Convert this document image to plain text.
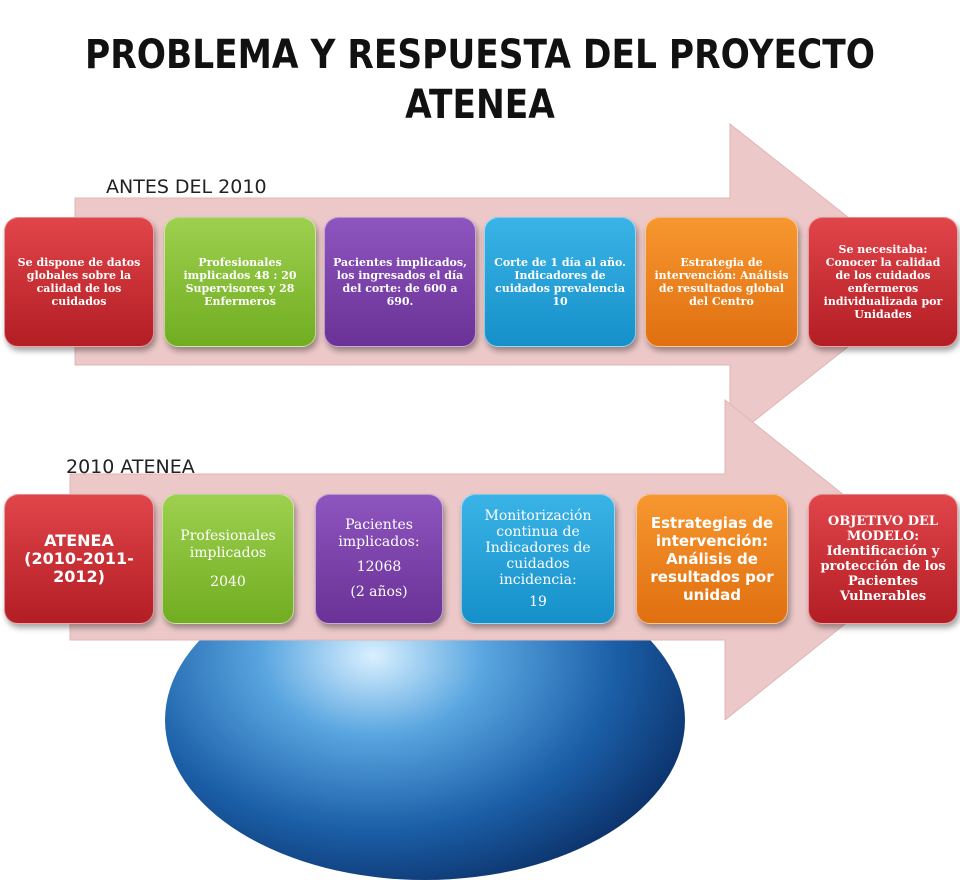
PROBLEMA Y RESPUESTA DEL PROYECTO ATENEA
ANTES DEL 2010
2010 ATENEA
Se dispone de datos globales sobre la calidad de los cuidados
Profesionales implicados 48 : 20 Supervisores y 28 Enfermeros
Pacientes implicados, los ingresados el día del corte: de 600 a 690.
Corte de 1 día al año. Indicadores de cuidados prevalencia 10
Estrategia de intervención: Análisis de resultados global del Centro
Se necesitaba: Conocer la calidad de los cuidados enfermeros individualizada por Unidades
ATENEA (2010-2011-2012)
Profesionales implicados
2040
Pacientes implicados:
12068
(2 años)
Monitorización continua de Indicadores de cuidados incidencia:
19
Estrategias de intervención: Análisis de resultados por unidad
OBJETIVO DEL MODELO: Identificación y protección de los Pacientes Vulnerables
